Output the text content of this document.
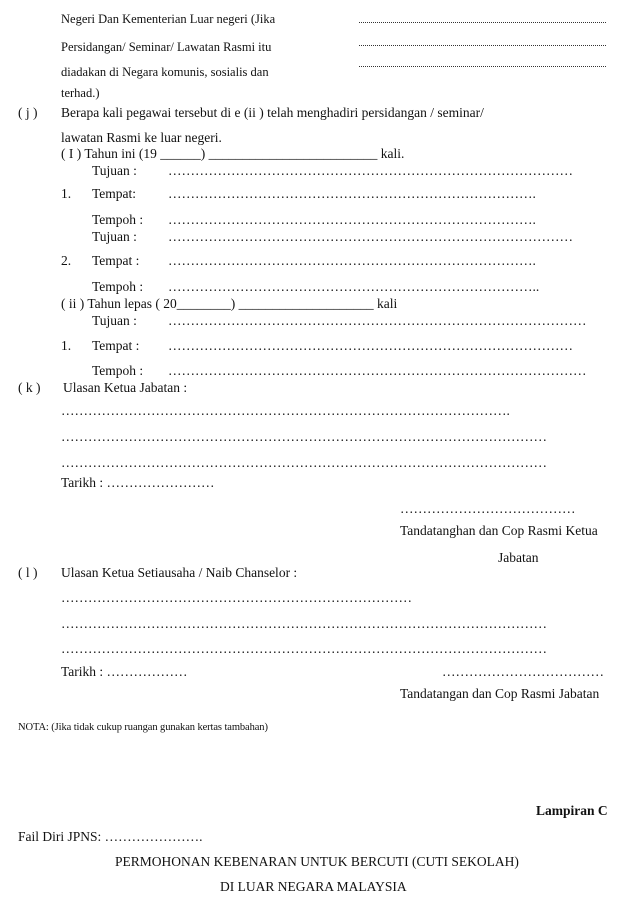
Negeri Dan Kementerian Luar negeri (Jika
Persidangan/ Seminar/ Lawatan Rasmi itu
diadakan di Negara komunis, sosialis dan
terhad.)
( j ) Berapa kali pegawai tersebut di e (ii ) telah menghadiri persidangan / seminar/
lawatan Rasmi ke luar negeri.
( I ) Tahun ini (19 ______) _________________________ kali.
Tujuan : ………………………………………………………………………………
1. Tempat: ……………………………………………………………………….
Tempoh : ……………………………………………………………………….
Tujuan : ………………………………………………………………………………
2. Tempat : ……………………………………………………………………….
Tempoh : ………………………………………………………………………..
( ii ) Tahun lepas ( 20________) ____________________ kali
Tujuan : …………………………………………………………………………………
1. Tempat : ………………………………………………………………………………
Tempoh : …………………………………………………………………………………
( k ) Ulasan Ketua Jabatan :
……………………………………………………………………………………….
………………………………………………………………………………………………
………………………………………………………………………………………………
Tarikh : ……………………
…………………………………
Tandatanghan dan Cop Rasmi Ketua
Jabatan
( l ) Ulasan Ketua Setiausaha / Naib Chanselor :
……………………………………………………………………
………………………………………………………………………………………………
………………………………………………………………………………………………
Tarikh : ………………	………………………………
Tandatangan dan Cop Rasmi Jabatan
NOTA: (Jika tidak cukup ruangan gunakan kertas tambahan)
Lampiran C
Fail Diri JPNS: ………………….
PERMOHONAN KEBENARAN UNTUK BERCUTI (CUTI SEKOLAH)
DI LUAR NEGARA MALAYSIA
